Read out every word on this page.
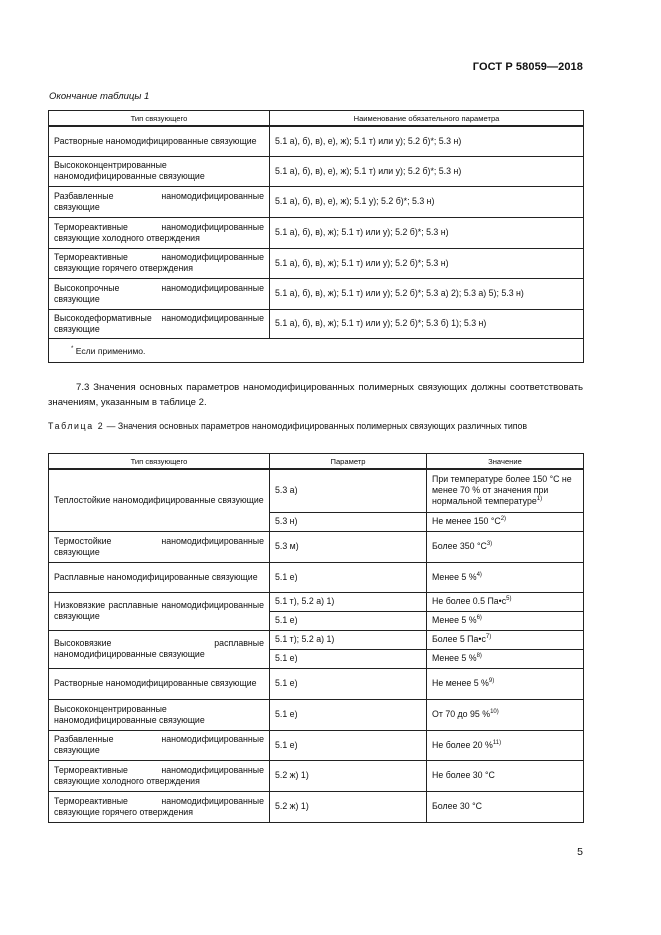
ГОСТ Р 58059—2018
Окончание таблицы 1
Тип связующего	Наименование обязательного параметра
Растворные наномодифицированные связующие	5.1 а), б), в), е), ж); 5.1 т) или у); 5.2 б)*; 5.3 н)
Высококонцентрированные наномодифицированные связующие	5.1 а), б), в), е), ж); 5.1 т) или у); 5.2 б)*; 5.3 н)
Разбавленные наномодифицированные связующие	5.1 а), б), в), е), ж); 5.1 у); 5.2 б)*; 5.3 н)
Термореактивные наномодифицированные связующие холодного отверждения	5.1 а), б), в), ж); 5.1 т) или у); 5.2 б)*; 5.3 н)
Термореактивные наномодифицированные связующие горячего отверждения	5.1 а), б), в), ж); 5.1 т) или у); 5.2 б)*; 5.3 н)
Высокопрочные наномодифицированные связующие	5.1 а), б), в), ж); 5.1 т) или у); 5.2 б)*; 5.3 а) 2); 5.3 а) 5); 5.3 н)
Высокодеформативные наномодифицированные связующие	5.1 а), б), в), ж); 5.1 т) или у); 5.2 б)*; 5.3 б) 1); 5.3 н)
* Если применимо.	
7.3 Значения основных параметров наномодифицированных полимерных связующих должны соответствовать значениям, указанным в таблице 2.
Таблица 2 — Значения основных параметров наномодифицированных полимерных связующих различных типов
Тип связующего	Параметр	Значение
Теплостойкие наномодифицированные связующие	5.3 а)	При температуре более 150 °С не менее 70 % от значения при нормальной температуре$^{1)}$
	5.3 н)	Не менее 150 °С$^{2)}$
Термостойкие наномодифицированные связующие	5.3 м)	Более 350 °С$^{3)}$
Расплавные наномодифицированные связующие	5.1 е)	Менее 5 %$^{4)}$
Низковязкие расплавные наномодифицированные связующие	5.1 т), 5.2 а) 1)	Не более 0.5 Па•с$^{5)}$
	5.1 е)	Менее 5 %$^{6)}$
Высоковязкие расплавные наномодифицированные связующие	5.1 т); 5.2 а) 1)	Более 5 Па•с$^{7)}$
	5.1 е)	Менее 5 %$^{8)}$
Растворные наномодифицированные связующие	5.1 е)	Не менее 5 %$^{9)}$
Высококонцентрированные наномодифицированные связующие	5.1 е)	От 70 до 95 %$^{10)}$
Разбавленные наномодифицированные связующие	5.1 е)	Не более 20 %$^{11)}$
Термореактивные наномодифицированные связующие холодного отверждения	5.2 ж) 1)	Не более 30 °С
Термореактивные наномодифицированные связующие горячего отверждения	5.2 ж) 1)	Более 30 °С
5
